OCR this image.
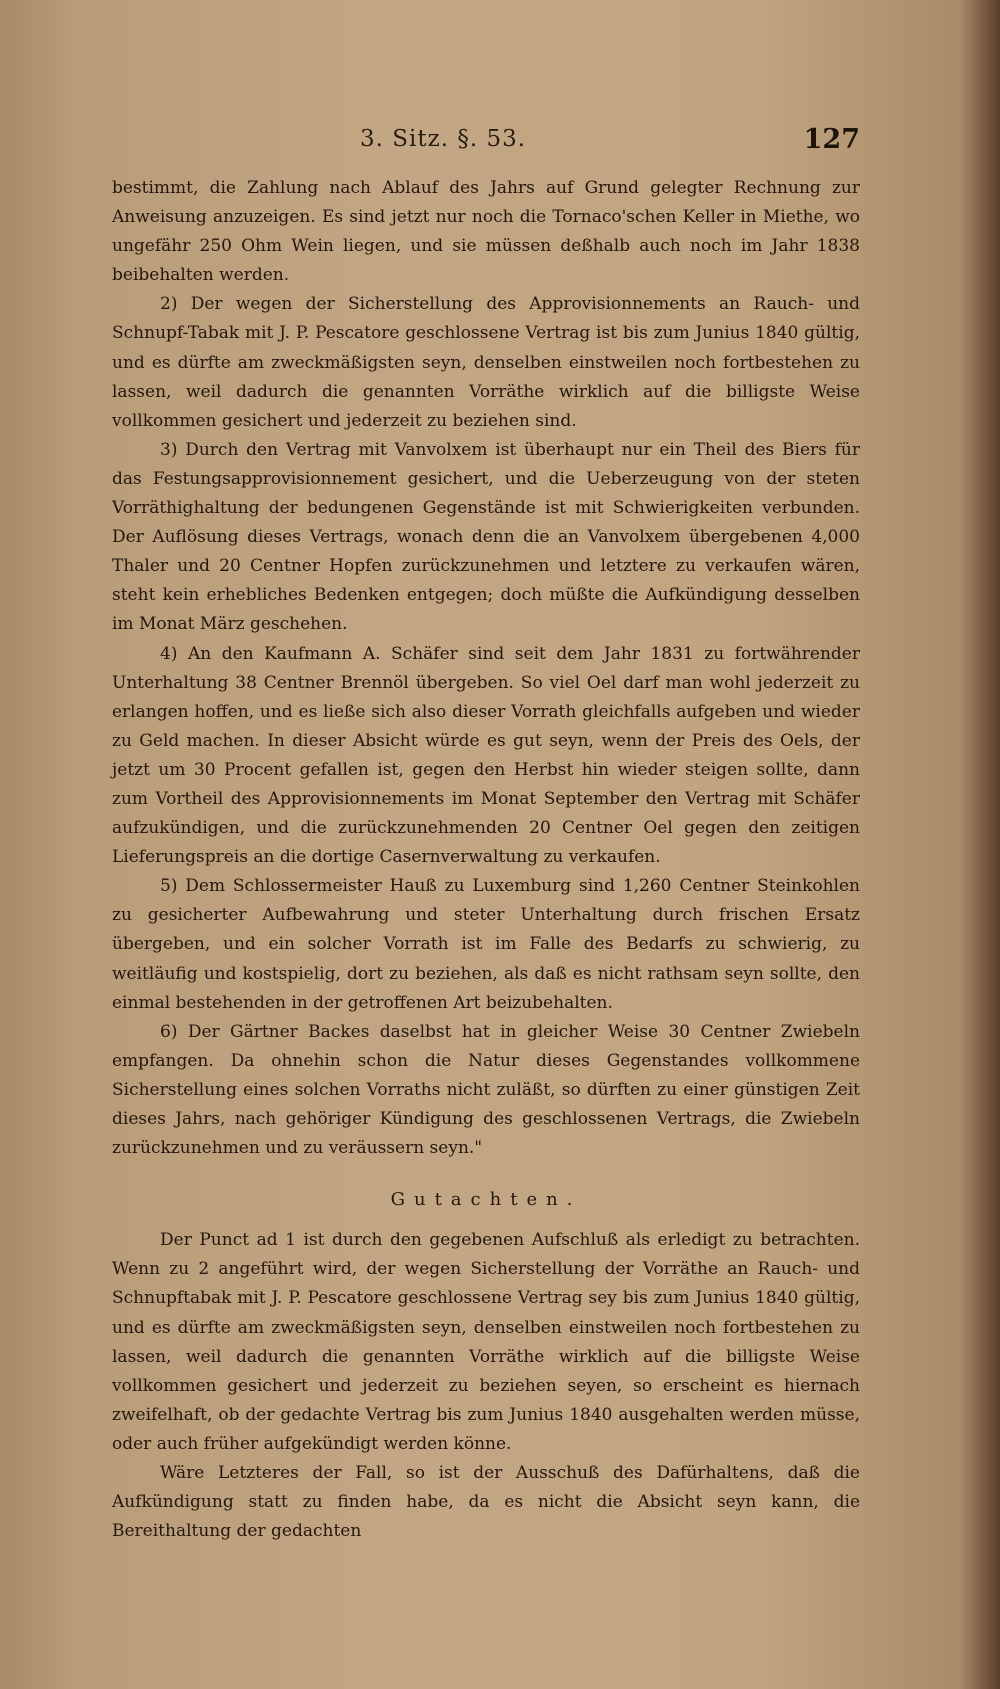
3. Sitz. §. 53.	127

bestimmt, die Zahlung nach Ablauf des Jahrs auf Grund gelegter Rechnung zur Anweisung anzuzeigen. Es sind jetzt nur noch die Tornaco'schen Keller in Miethe, wo ungefähr 250 Ohm Wein liegen, und sie müssen deßhalb auch noch im Jahr 1838 beibehalten werden.

2) Der wegen der Sicherstellung des Approvisionnements an Rauch- und Schnupf-Tabak mit J. P. Pescatore geschlossene Vertrag ist bis zum Junius 1840 gültig, und es dürfte am zweckmäßigsten seyn, denselben einstweilen noch fortbestehen zu lassen, weil dadurch die genannten Vorräthe wirklich auf die billigste Weise vollkommen gesichert und jederzeit zu beziehen sind.

3) Durch den Vertrag mit Vanvolxem ist überhaupt nur ein Theil des Biers für das Festungsapprovisionnement gesichert, und die Ueberzeugung von der steten Vorräthighaltung der bedungenen Gegenstände ist mit Schwierigkeiten verbunden. Der Auflösung dieses Vertrags, wonach denn die an Vanvolxem übergebenen 4,000 Thaler und 20 Centner Hopfen zurückzunehmen und letztere zu verkaufen wären, steht kein erhebliches Bedenken entgegen; doch müßte die Aufkündigung desselben im Monat März geschehen.

4) An den Kaufmann A. Schäfer sind seit dem Jahr 1831 zu fortwährender Unterhaltung 38 Centner Brennöl übergeben. So viel Oel darf man wohl jederzeit zu erlangen hoffen, und es ließe sich also dieser Vorrath gleichfalls aufgeben und wieder zu Geld machen. In dieser Absicht würde es gut seyn, wenn der Preis des Oels, der jetzt um 30 Procent gefallen ist, gegen den Herbst hin wieder steigen sollte, dann zum Vortheil des Approvisionnements im Monat September den Vertrag mit Schäfer aufzukündigen, und die zurückzunehmenden 20 Centner Oel gegen den zeitigen Lieferungspreis an die dortige Casernverwaltung zu verkaufen.

5) Dem Schlossermeister Hauß zu Luxemburg sind 1,260 Centner Steinkohlen zu gesicherter Aufbewahrung und steter Unterhaltung durch frischen Ersatz übergeben, und ein solcher Vorrath ist im Falle des Bedarfs zu schwierig, zu weitläufig und kostspielig, dort zu beziehen, als daß es nicht rathsam seyn sollte, den einmal bestehenden in der getroffenen Art beizubehalten.

6) Der Gärtner Backes daselbst hat in gleicher Weise 30 Centner Zwiebeln empfangen. Da ohnehin schon die Natur dieses Gegenstandes vollkommene Sicherstellung eines solchen Vorraths nicht zuläßt, so dürften zu einer günstigen Zeit dieses Jahrs, nach gehöriger Kündigung des geschlossenen Vertrags, die Zwiebeln zurückzunehmen und zu veräussern seyn."

Gutachten.

Der Punct ad 1 ist durch den gegebenen Aufschluß als erledigt zu betrachten. Wenn zu 2 angeführt wird, der wegen Sicherstellung der Vorräthe an Rauch- und Schnupftabak mit J. P. Pescatore geschlossene Vertrag sey bis zum Junius 1840 gültig, und es dürfte am zweckmäßigsten seyn, denselben einstweilen noch fortbestehen zu lassen, weil dadurch die genannten Vorräthe wirklich auf die billigste Weise vollkommen gesichert und jederzeit zu beziehen seyen, so erscheint es hiernach zweifelhaft, ob der gedachte Vertrag bis zum Junius 1840 ausgehalten werden müsse, oder auch früher aufgekündigt werden könne.

Wäre Letzteres der Fall, so ist der Ausschuß des Dafürhaltens, daß die Aufkündigung statt zu finden habe, da es nicht die Absicht seyn kann, die Bereithaltung der gedachten
